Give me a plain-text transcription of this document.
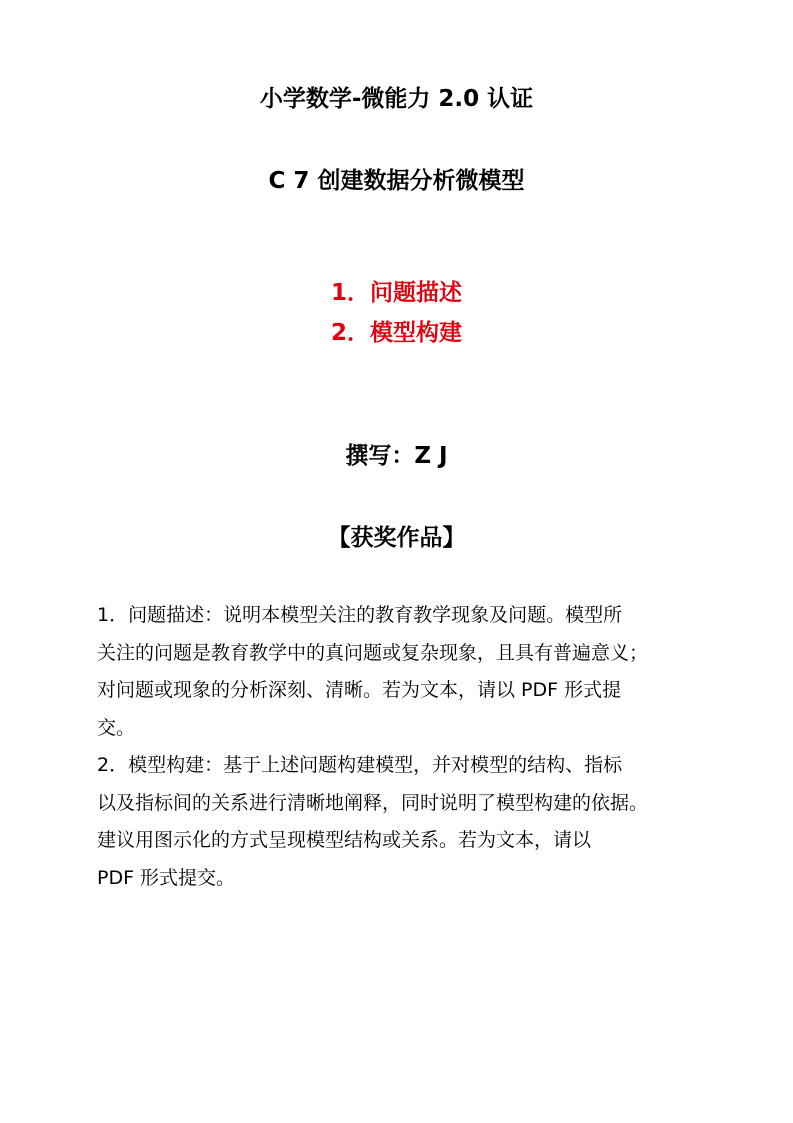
小学数学-微能力 2.0 认证
C 7 创建数据分析微模型
1．问题描述
2．模型构建
撰写：Z J
【获奖作品】
1．问题描述：说明本模型关注的教育教学现象及问题。模型所
关注的问题是教育教学中的真问题或复杂现象，且具有普遍意义；
对问题或现象的分析深刻、清晰。若为文本，请以 PDF 形式提
交。
2．模型构建：基于上述问题构建模型，并对模型的结构、指标
以及指标间的关系进行清晰地阐释，同时说明了模型构建的依据。
建议用图示化的方式呈现模型结构或关系。若为文本，请以
PDF 形式提交。
